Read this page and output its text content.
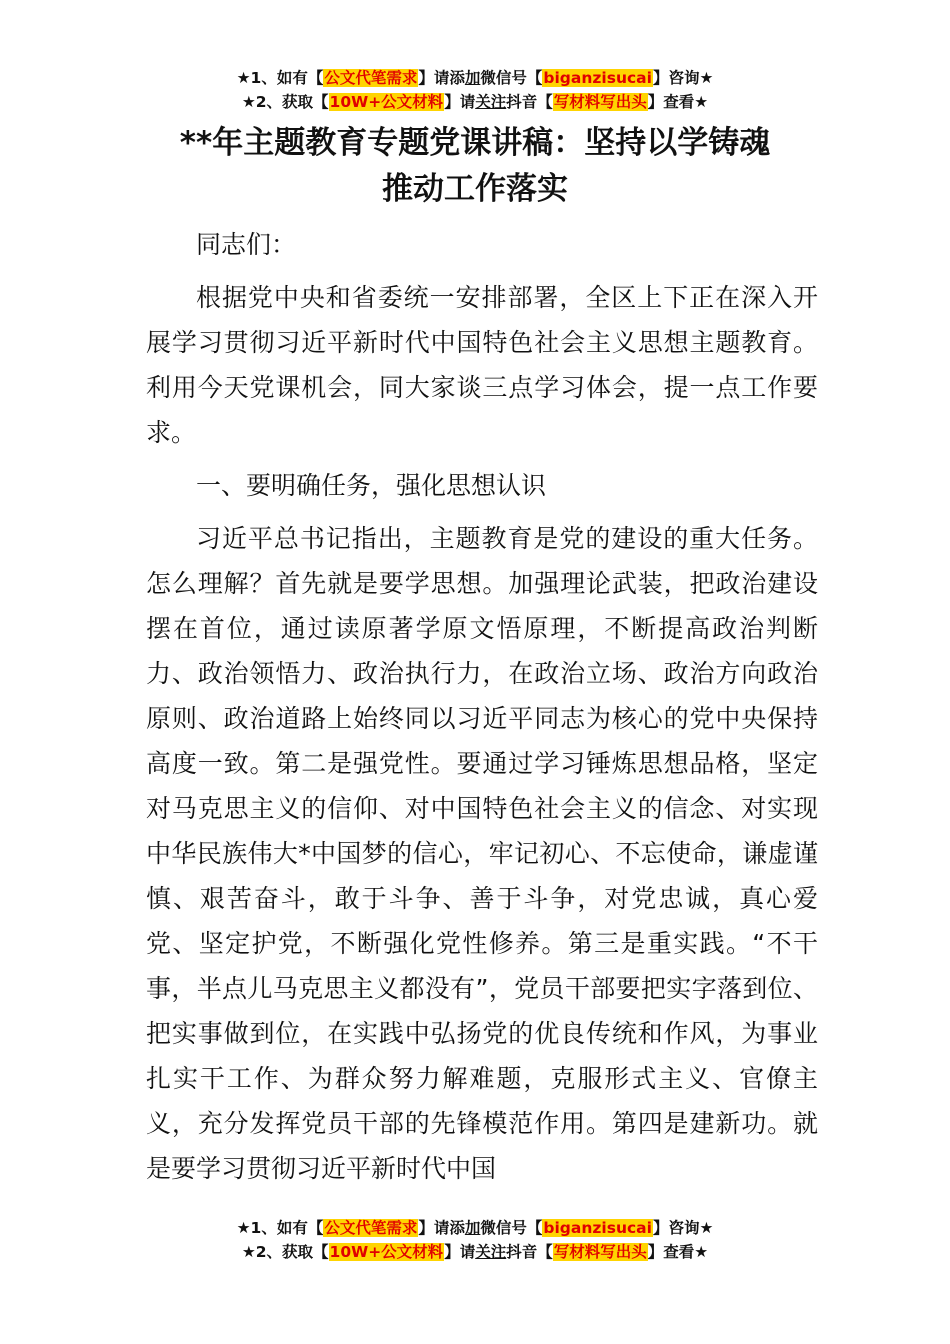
★1、如有【公文代笔需求】请添加微信号【biganzisucai】咨询★
★2、获取【10W+公文材料】请关注抖音【写材料写出头】查看★
**年主题教育专题党课讲稿：坚持以学铸魂
推动工作落实

同志们：

根据党中央和省委统一安排部署，全区上下正在深入开展学习贯彻习近平新时代中国特色社会主义思想主题教育。利用今天党课机会，同大家谈三点学习体会，提一点工作要求。

一、要明确任务，强化思想认识

习近平总书记指出，主题教育是党的建设的重大任务。怎么理解？首先就是要学思想。加强理论武装，把政治建设摆在首位，通过读原著学原文悟原理，不断提高政治判断力、政治领悟力、政治执行力，在政治立场、政治方向政治原则、政治道路上始终同以习近平同志为核心的党中央保持高度一致。第二是强党性。要通过学习锤炼思想品格，坚定对马克思主义的信仰、对中国特色社会主义的信念、对实现中华民族伟大*中国梦的信心，牢记初心、不忘使命，谦虚谨慎、艰苦奋斗，敢于斗争、善于斗争，对党忠诚，真心爱党、坚定护党，不断强化党性修养。第三是重实践。“不干事，半点儿马克思主义都没有”，党员干部要把实字落到位、把实事做到位，在实践中弘扬党的优良传统和作风，为事业扎实干工作、为群众努力解难题，克服形式主义、官僚主义，充分发挥党员干部的先锋模范作用。第四是建新功。就是要学习贯彻习近平新时代中国

★1、如有【公文代笔需求】请添加微信号【biganzisucai】咨询★
★2、获取【10W+公文材料】请关注抖音【写材料写出头】查看★
